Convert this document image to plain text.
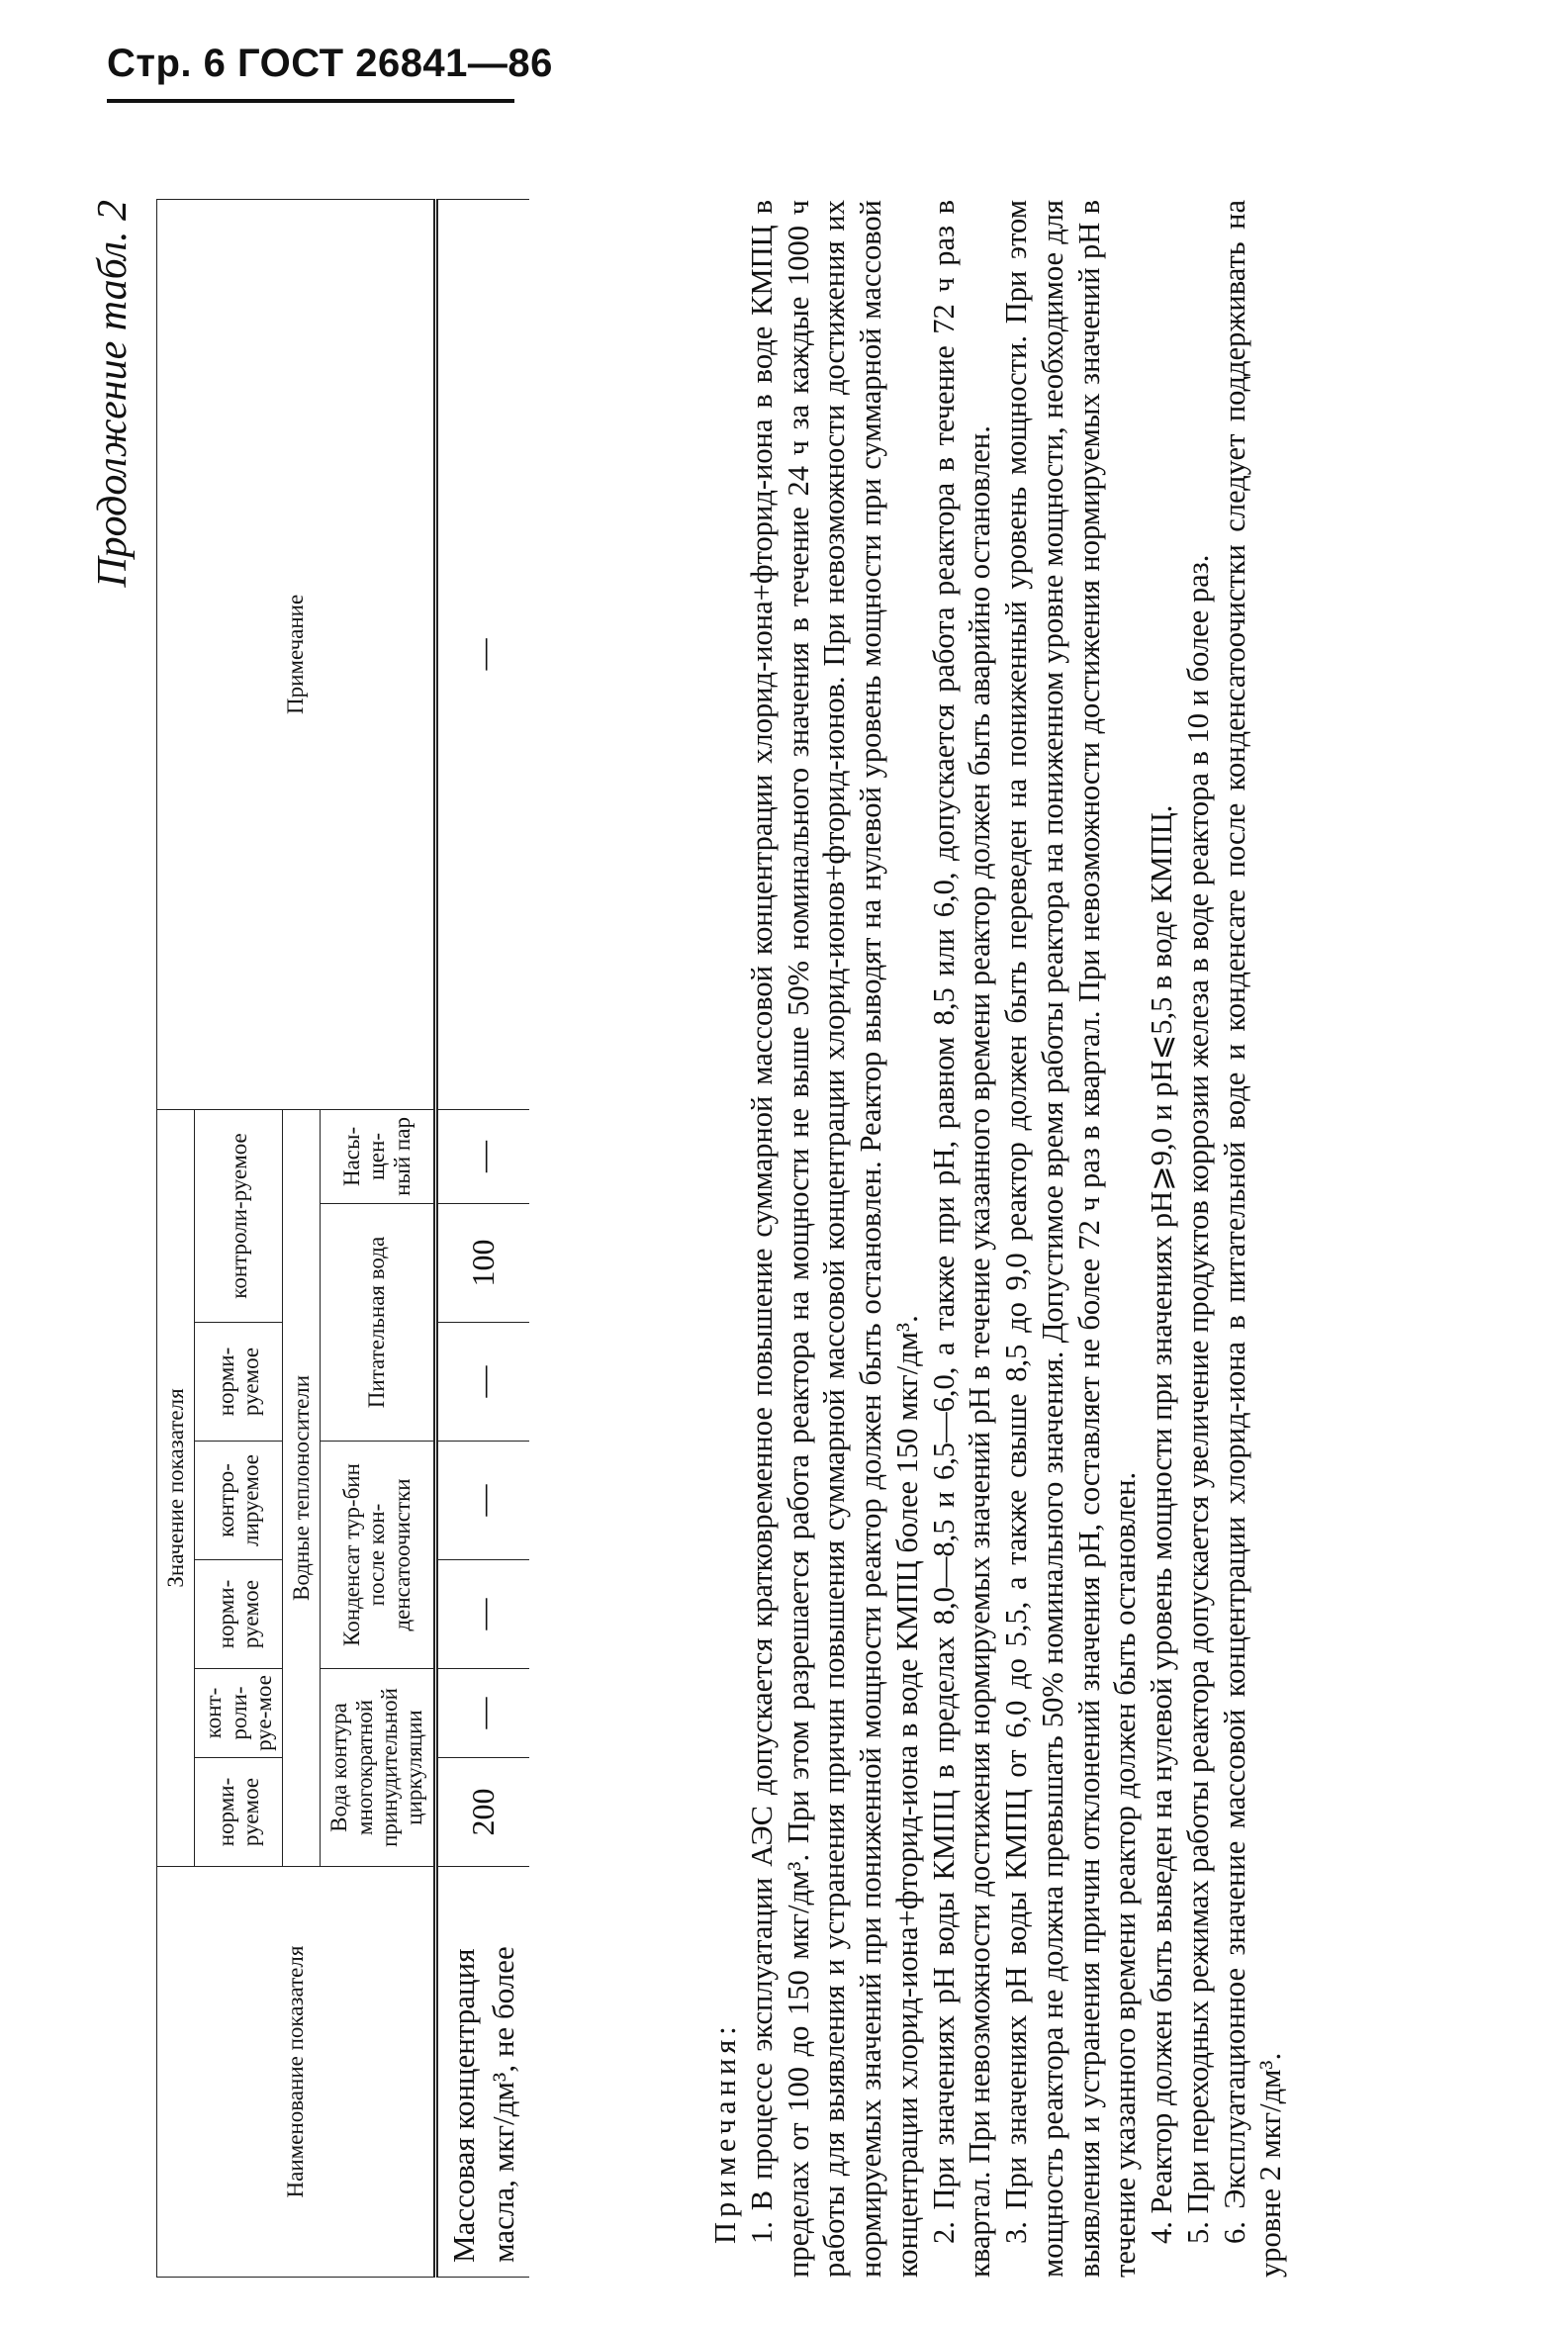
Стр. 6 ГОСТ 26841—86
Продолжение табл. 2
Наименование показателя	Значение показателя							Примечание
	норми-руемое	конт-роли-руе-мое	норми-руемое	контро-лируемое	норми-руемое	контроли-руемое		
	Водные теплоносители							
	Вода контура многократной принудительной циркуляции		Конденсат тур-бин после кон-денсатоочистки		Питательная вода		Насы-щен-ный пар	
Массовая концентрация масла, мкг/дм³, не более	200	—	—	—	—	100	—	—

Примечания: 1. В процессе эксплуатации АЭС допускается кратковременное повышение суммарной массовой концентрации хлорид-иона+фторид-иона в воде КМПЦ в пределах от 100 до 150 мкг/дм³. При этом разрешается работа реактора на мощности не выше 50% номинального значения в течение 24 ч за каждые 1000 ч работы для выявления и устранения причин повышения суммарной массовой концентрации хлорид-ионов+фторид-ионов. При невозможности достижения их нормируемых значений при пониженной мощности реактор должен быть остановлен. Реактор выводят на нулевой уровень мощности при суммарной массовой концентрации хлорид-иона+фторид-иона в воде КМПЦ более 150 мкг/дм³. 2. При значениях pH воды КМПЦ в пределах 8,0—8,5 и 6,5—6,0, а также при pH, равном 8,5 или 6,0, допускается работа реактора в течение 72 ч раз в квартал. При невозможности достижения нормируемых значений pH в течение указанного времени реактор должен быть аварийно остановлен. 3. При значениях pH воды КМПЦ от 6,0 до 5,5, а также свыше 8,5 до 9,0 реактор должен быть переведен на пониженный уровень мощности. При этом мощность реактора не должна превышать 50% номинального значения. Допустимое время работы реактора на пониженном уровне мощности, необходимое для выявления и устранения причин отклонений значения pH, составляет не более 72 ч раз в квартал. При невозможности достижения нормируемых значений pH в течение указанного времени реактор должен быть остановлен. 4. Реактор должен быть выведен на нулевой уровень мощности при значениях pH⩾9,0 и pH⩽5,5 в воде КМПЦ. 5. При переходных режимах работы реактора допускается увеличение продуктов коррозии железа в воде реактора в 10 и более раз. 6. Эксплуатационное значение массовой концентрации хлорид-иона в питательной воде и конденсате после конденсатоочистки следует поддерживать на уровне 2 мкг/дм³.
